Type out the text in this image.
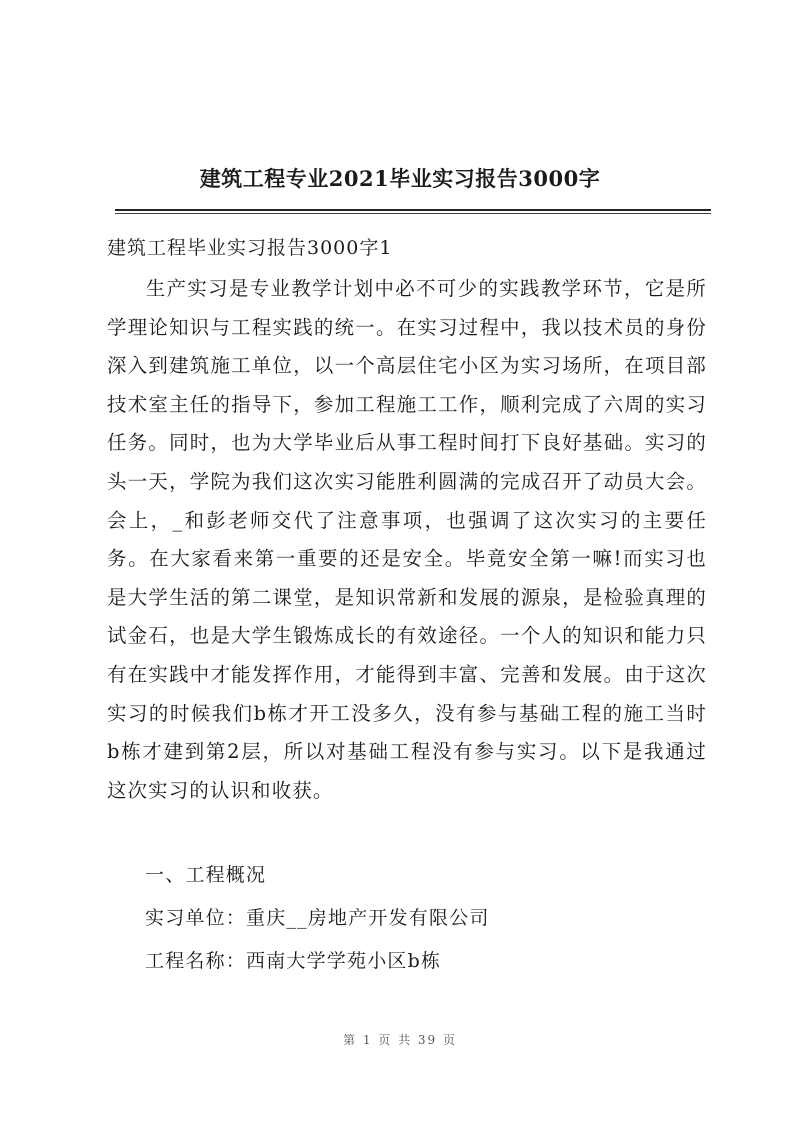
建筑工程专业2021毕业实习报告3000字
建筑工程毕业实习报告3000字1
生产实习是专业教学计划中必不可少的实践教学环节，它是所学理论知识与工程实践的统一。在实习过程中，我以技术员的身份深入到建筑施工单位，以一个高层住宅小区为实习场所，在项目部技术室主任的指导下，参加工程施工工作，顺利完成了六周的实习任务。同时，也为大学毕业后从事工程时间打下良好基础。实习的头一天，学院为我们这次实习能胜利圆满的完成召开了动员大会。会上，_和彭老师交代了注意事项，也强调了这次实习的主要任务。在大家看来第一重要的还是安全。毕竟安全第一嘛!而实习也是大学生活的第二课堂，是知识常新和发展的源泉，是检验真理的试金石，也是大学生锻炼成长的有效途径。一个人的知识和能力只有在实践中才能发挥作用，才能得到丰富、完善和发展。由于这次实习的时候我们b栋才开工没多久，没有参与基础工程的施工当时b栋才建到第2层，所以对基础工程没有参与实习。以下是我通过这次实习的认识和收获。
一、工程概况
实习单位：重庆__房地产开发有限公司
工程名称：西南大学学苑小区b栋
第 1 页 共 39 页
